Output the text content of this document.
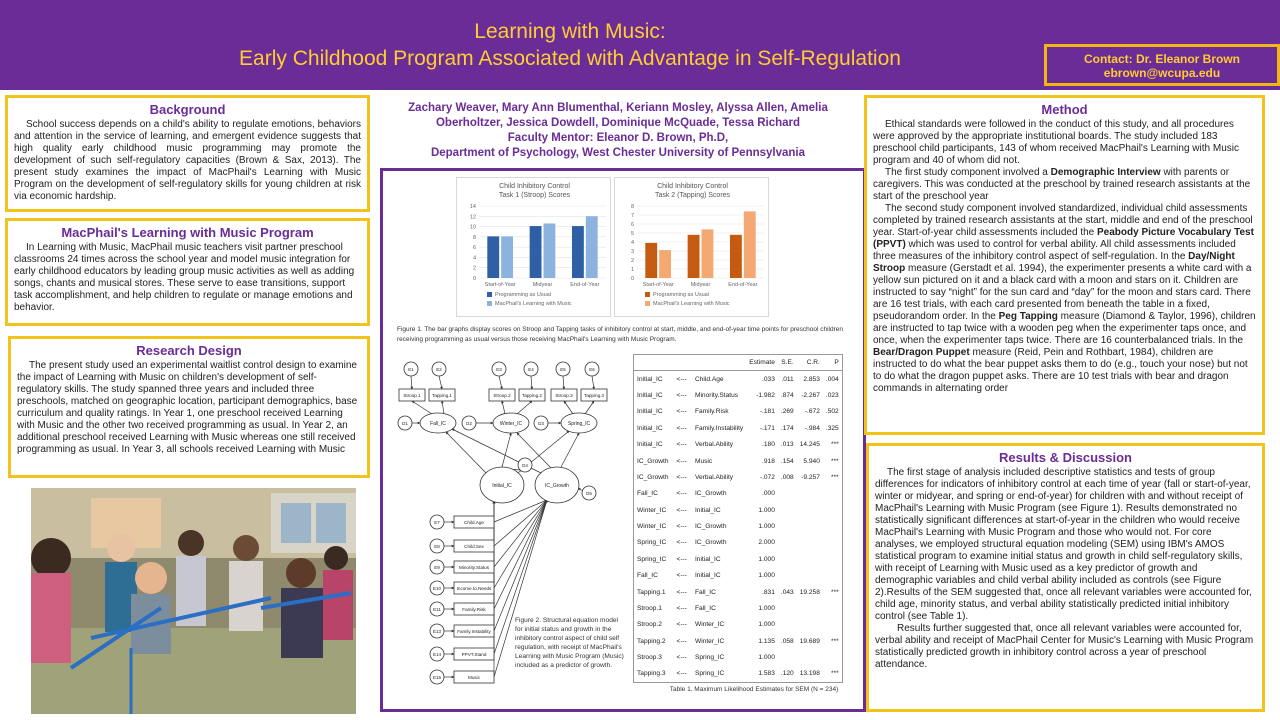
Learning with Music:
Early Childhood Program Associated with Advantage in Self-Regulation	Contact: Dr. Eleanor Brown
ebrown@wcupa.edu
Background

School success depends on a child's ability to regulate emotions, behaviors and attention in the service of learning, and emergent evidence suggests that high quality early childhood music programming may promote the development of such self-regulatory capacities (Brown & Sax, 2013). The present study examines the impact of MacPhail's Learning with Music Program on the development of self-regulatory skills for young children at risk via economic hardship.

MacPhail's Learning with Music Program

In Learning with Music, MacPhail music teachers visit partner preschool classrooms 24 times across the school year and model music integration for early childhood educators by leading group music activities as well as adding songs, chants and musical stores. These serve to ease transitions, support task accomplishment, and help children to regulate or manage emotions and behavior.

Research Design

The present study used an experimental waitlist control design to examine the impact of Learning with Music on children's development of self-regulatory skills. The study spanned three years and included three preschools, matched on geographic location, participant demographics, base curriculum and quality ratings. In Year 1, one preschool received Learning with Music and the other two received programming as usual. In Year 2, an additional preschool received Learning with Music whereas one still received programming as usual. In Year 3, all schools received Learning with Music

Zachary Weaver, Mary Ann Blumenthal, Keriann Mosley, Alyssa Allen, Amelia
Oberholtzer, Jessica Dowdell, Dominique McQuade, Tessa Richard
Faculty Mentor: Eleanor D. Brown, Ph.D,
Department of Psychology, West Chester University of Pennsylvania
Child Inhibitory Control
Task 1 (Stroop) Scores
0
2
4
6
8
10
12
14
Start-of-Year	Midyear	End-of-Year
Programming as Usual
MacPhail's Learning with Music
Child Inhibitory Control
Task 2 (Tapping) Scores
0
1
2
3
4
5
6
7
8
Start-of-Year	Midyear	End-of-Year
Programming as Usual
MacPhail's Learning with Music
Figure 1. The bar graphs display scores on Stroop and Tapping tasks of inhibitory control at start, middle, and end-of-year time points for preschool children receiving programming as usual versus those receiving MacPhail's Learning with Music Program.
E1	E2	E3	E4	E5	E6
Stroop.1 Tapping.1	Stroop.2 Tapping.2	Stroop.3 Tapping.3
D1	Fall_IC	D2	Winter_IC	D3	Spring_IC
Initial_IC	IC_Growth
D4
D5
E7	Child.Age
E8	Child.Sex
E9	Minority.Status
E10	Income.to.Needs
E11	Family.Risk
E13	Family.Instability
E14	PPVT.Stand
E15	Music
Figure 2. Structural equation model for initial status and growth in the inhibitory control aspect of child self regulation, with receipt of MacPhail's Learning with Music Program (Music) included as a predictor of growth.
			Estimate	S.E.	C.R.	P
Initial_IC	<---	Child.Age	.033	.011	2.853	.004
Initial_IC	<---	Minority.Status	-1.982	.874	-2.267	.023
Initial_IC	<---	Family.Risk	-.181	.269	-.672	.502
Initial_IC	<---	Family.Instability	-.171	.174	-.984	.325
Initial_IC	<---	Verbal.Ability	.180	.013	14.245	***
IC_Growth	<---	Music	.918	.154	5.940	***
IC_Growth	<---	Verbal.Ability	-.072	.008	-9.257	***
Fall_IC	<---	IC_Growth	.000			
Winter_IC	<---	Initial_IC	1.000			
Winter_IC	<---	IC_Growth	1.000			
Spring_IC	<---	IC_Growth	2.000			
Spring_IC	<---	Initial_IC	1.000			
Fall_IC	<---	Initial_IC	1.000			
Tapping.1	<---	Fall_IC	.831	.043	19.258	***
Stroop.1	<---	Fall_IC	1.000			
Stroop.2	<---	Winter_IC	1.000			
Tapping.2	<---	Winter_IC	1.135	.058	19.689	***
Stroop.3	<---	Spring_IC	1.000			
Tapping.3	<---	Spring_IC	1.583	.120	13.198	***
Table 1. Maximum Likelihood Estimates for SEM (N = 234)
Method

Ethical standards were followed in the conduct of this study, and all procedures were approved by the appropriate institutional boards. The study included 183 preschool child participants, 143 of whom received MacPhail's Learning with Music program and 40 of whom did not.

The first study component involved a Demographic Interview with parents or caregivers. This was conducted at the preschool by trained research assistants at the start of the preschool year

The second study component involved standardized, individual child assessments completed by trained research assistants at the start, middle and end of the preschool year. Start-of-year child assessments included the Peabody Picture Vocabulary Test (PPVT) which was used to control for verbal ability. All child assessments included three measures of the inhibitory control aspect of self-regulation. In the Day/Night Stroop measure (Gerstadt et al. 1994), the experimenter presents a white card with a yellow sun pictured on it and a black card with a moon and stars on it. Children are instructed to say “night” for the sun card and “day” for the moon and stars card. There are 16 test trials, with each card presented from beneath the table in a fixed, pseudorandom order. In the Peg Tapping measure (Diamond & Taylor, 1996), children are instructed to tap twice with a wooden peg when the experimenter taps once, and once, when the experimenter taps twice. There are 16 counterbalanced trials. In the Bear/Dragon Puppet measure (Reid, Pein and Rothbart, 1984), children are instructed to do what the bear puppet asks them to do (e.g., touch your nose) but not to do what the dragon puppet asks. There are 10 test trials with bear and dragon commands in alternating order

Results & Discussion

The first stage of analysis included descriptive statistics and tests of group differences for indicators of inhibitory control at each time of year (fall or start-of-year, winter or midyear, and spring or end-of-year) for children with and without receipt of MacPhail's Learning with Music Program (see Figure 1). Results demonstrated no statistically significant differences at start-of-year in the children who would receive MacPhail's Learning with Music Program and those who would not. For core analyses, we employed structural equation modeling (SEM) using IBM's AMOS statistical program to examine initial status and growth in child self-regulatory skills, with receipt of Learning with Music used as a key predictor of growth and demographic variables and child verbal ability included as controls (see Figure 2).Results of the SEM suggested that, once all relevant variables were accounted for, child age, minority status, and verbal ability statistically predicted initial inhibitory control (see Table 1).

Results further suggested that, once all relevant variables were accounted for, verbal ability and receipt of MacPhail Center for Music's Learning with Music Program statistically predicted growth in inhibitory control across a year of preschool attendance.
